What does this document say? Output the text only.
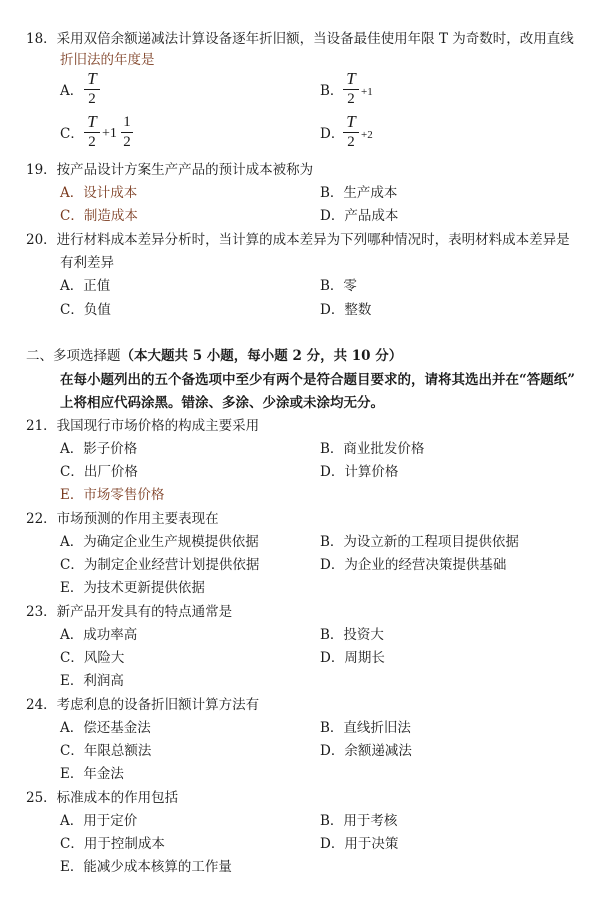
18．采用双倍余额递减法计算设备逐年折旧额，当设备最佳使用年限 T 为奇数时，改用直线
折旧法的年度是
A．
T
2	B．
T
2 +1
C．
T
2
+1
1
2	D．
T
2 +2
19．按产品设计方案生产产品的预计成本被称为
A．设计成本	B．生产成本
C．制造成本	D．产品成本
20．进行材料成本差异分析时，当计算的成本差异为下列哪种情况时，表明材料成本差异是
有利差异
A．正值	B．零
C．负值	D．整数
二、多项选择题（本大题共 5 小题，每小题 2 分，共 10 分）
在每小题列出的五个备选项中至少有两个是符合题目要求的，请将其选出并在“答题纸”
上将相应代码涂黑。错涂、多涂、少涂或未涂均无分。
21．我国现行市场价格的构成主要采用
A．影子价格	B．商业批发价格
C．出厂价格	D．计算价格
E．市场零售价格
22．市场预测的作用主要表现在
A．为确定企业生产规模提供依据	B．为设立新的工程项目提供依据
C．为制定企业经营计划提供依据	D．为企业的经营决策提供基础
E．为技术更新提供依据
23．新产品开发具有的特点通常是
A．成功率高	B．投资大
C．风险大	D．周期长
E．利润高
24．考虑利息的设备折旧额计算方法有
A．偿还基金法	B．直线折旧法
C．年限总额法	D．余额递减法
E．年金法
25．标准成本的作用包括
A．用于定价	B．用于考核
C．用于控制成本	D．用于决策
E．能减少成本核算的工作量
